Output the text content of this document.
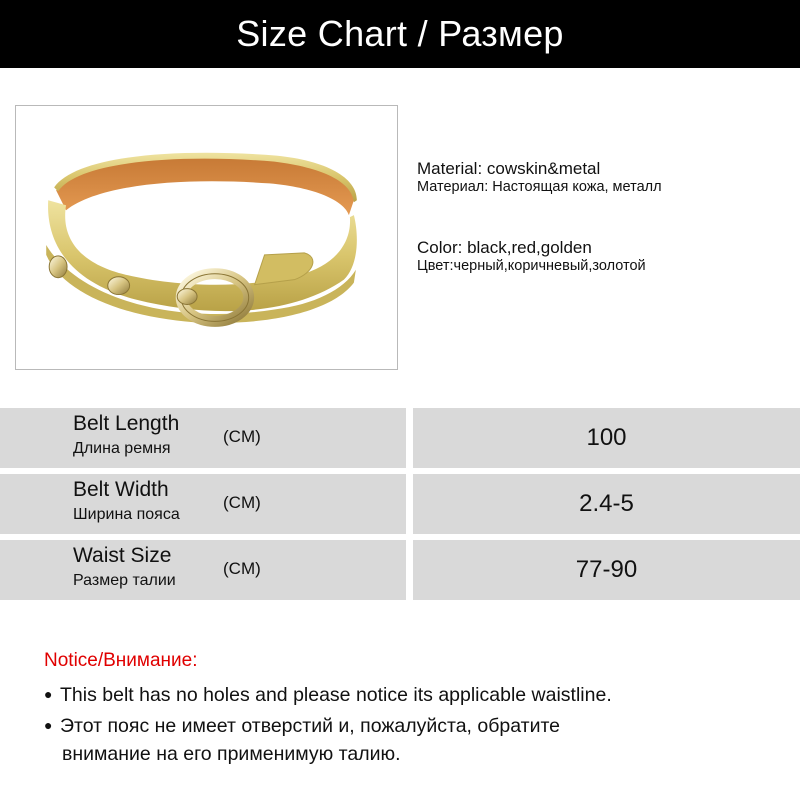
Size Chart / Размер
Material: cowskin&metal
Материал: Настоящая кожа, металл
Color: black,red,golden
Цвет:черный,коричневый,золотой
Belt Length
Длина ремня
(CM)	100
Belt Width
Ширина пояса
(CM)	2.4-5
Waist Size
Размер талии
(CM)	77-90
Notice/Внимание:
● This belt has no holes and please notice its applicable waistline.
● Этот пояс не имеет отверстий и, пожалуйста, обратите
внимание на его применимую талию.
